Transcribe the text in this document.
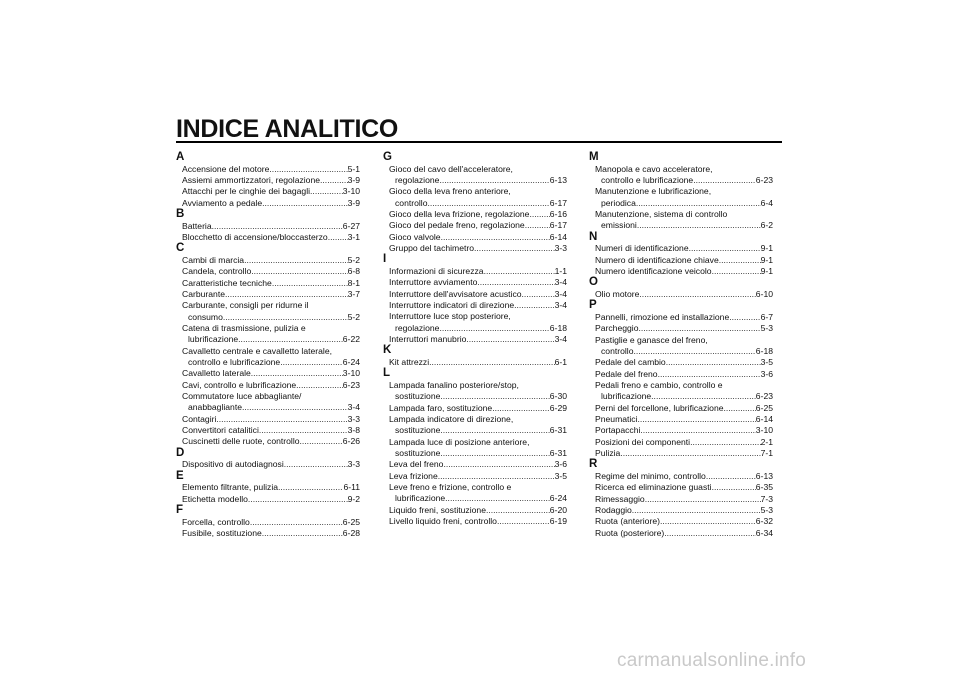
INDICE ANALITICO
A
Accensione del motore .....	5-1
Assiemi ammortizzatori, regolazione .....	3-9
Attacchi per le cinghie dei bagagli .....	3-10
Avviamento a pedale .....	3-9
B
Batteria .....	6-27
Blocchetto di accensione/bloccasterzo ..... 3-1
C
Cambi di marcia .....	5-2
Candela, controllo .....	6-8
Caratteristiche tecniche .....	8-1
Carburante .....	3-7
Carburante, consigli per ridurne il
consumo .....	5-2
Catena di trasmissione, pulizia e
lubrificazione .....	6-22
Cavalletto centrale e cavalletto laterale,
controllo e lubrificazione .....	6-24
Cavalletto laterale .....	3-10
Cavi, controllo e lubrificazione .....	6-23
Commutatore luce abbagliante/
anabbagliante .....	3-4
Contagiri .....	3-3
Convertitori catalitici .....	3-8
Cuscinetti delle ruote, controllo .....	6-26
D
Dispositivo di autodiagnosi .....	3-3
E
Elemento filtrante, pulizia .....	6-11
Etichetta modello .....	9-2
F
Forcella, controllo .....	6-25
Fusibile, sostituzione .....	6-28
G
Gioco del cavo dell'acceleratore,
regolazione .....	6-13
Gioco della leva freno anteriore,
controllo .....	6-17
Gioco della leva frizione, regolazione ..... 6-16
Gioco del pedale freno, regolazione .....	6-17
Gioco valvole .....	6-14
Gruppo del tachimetro .....	3-3
I
Informazioni di sicurezza .....	1-1
Interruttore avviamento .....	3-4
Interruttore dell'avvisatore acustico .....	3-4
Interruttore indicatori di direzione .....	3-4
Interruttore luce stop posteriore,
regolazione .....	6-18
Interruttori manubrio .....	3-4
K
Kit attrezzi .....	6-1
L
Lampada fanalino posteriore/stop,
sostituzione .....	6-30
Lampada faro, sostituzione .....	6-29
Lampada indicatore di direzione,
sostituzione .....	6-31
Lampada luce di posizione anteriore,
sostituzione .....	6-31
Leva del freno .....	3-6
Leva frizione .....	3-5
Leve freno e frizione, controllo e
lubrificazione .....	6-24
Liquido freni, sostituzione .....	6-20
Livello liquido freni, controllo .....	6-19
M
Manopola e cavo acceleratore,
controllo e lubrificazione .....	6-23
Manutenzione e lubrificazione,
periodica .....	6-4
Manutenzione, sistema di controllo
emissioni .....	6-2
N
Numeri di identificazione .....	9-1
Numero di identificazione chiave .....	9-1
Numero identificazione veicolo .....	9-1
O
Olio motore .....	6-10
P
Pannelli, rimozione ed installazione .....	6-7
Parcheggio .....	5-3
Pastiglie e ganasce del freno,
controllo .....	6-18
Pedale del cambio .....	3-5
Pedale del freno .....	3-6
Pedali freno e cambio, controllo e
lubrificazione .....	6-23
Perni del forcellone, lubrificazione .....	6-25
Pneumatici .....	6-14
Portapacchi .....	3-10
Posizioni dei componenti .....	2-1
Pulizia .....	7-1
R
Regime del minimo, controllo .....	6-13
Ricerca ed eliminazione guasti .....	6-35
Rimessaggio .....	7-3
Rodaggio .....	5-3
Ruota (anteriore) .....	6-32
Ruota (posteriore) .....	6-34
carmanualsonline.info
